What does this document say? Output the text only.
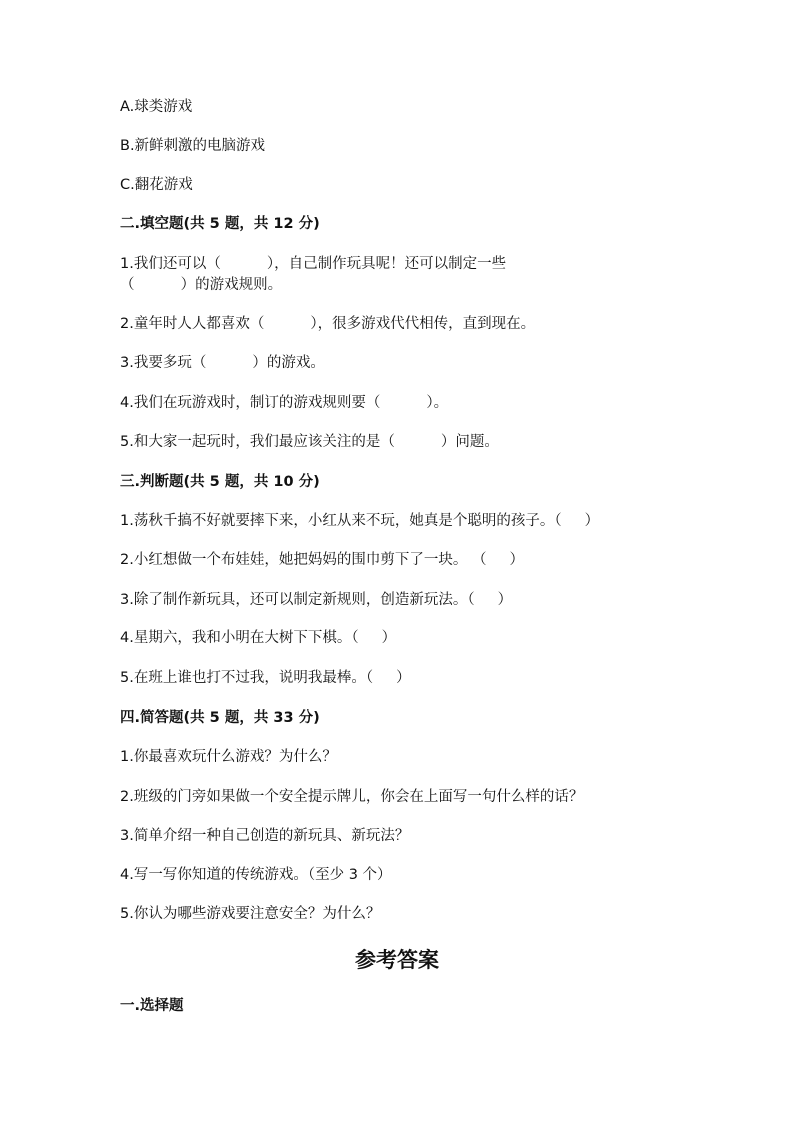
A.球类游戏
B.新鲜刺激的电脑游戏
C.翻花游戏
二.填空题(共 5 题，共 12 分)
1.我们还可以（          ），自己制作玩具呢！还可以制定一些
（          ）的游戏规则。
2.童年时人人都喜欢（          ），很多游戏代代相传，直到现在。
3.我要多玩（          ）的游戏。
4.我们在玩游戏时，制订的游戏规则要（          ）。
5.和大家一起玩时，我们最应该关注的是（          ）问题。
三.判断题(共 5 题，共 10 分)
1.荡秋千搞不好就要摔下来，小红从来不玩，她真是个聪明的孩子。（     ）
2.小红想做一个布娃娃，她把妈妈的围巾剪下了一块。 （     ）
3.除了制作新玩具，还可以制定新规则，创造新玩法。（     ）
4.星期六，我和小明在大树下下棋。（     ）
5.在班上谁也打不过我，说明我最棒。（     ）
四.简答题(共 5 题，共 33 分)
1.你最喜欢玩什么游戏？为什么？
2.班级的门旁如果做一个安全提示牌儿，你会在上面写一句什么样的话？
3.简单介绍一种自己创造的新玩具、新玩法？
4.写一写你知道的传统游戏。（至少 3 个）
5.你认为哪些游戏要注意安全？为什么？
参考答案
一.选择题
